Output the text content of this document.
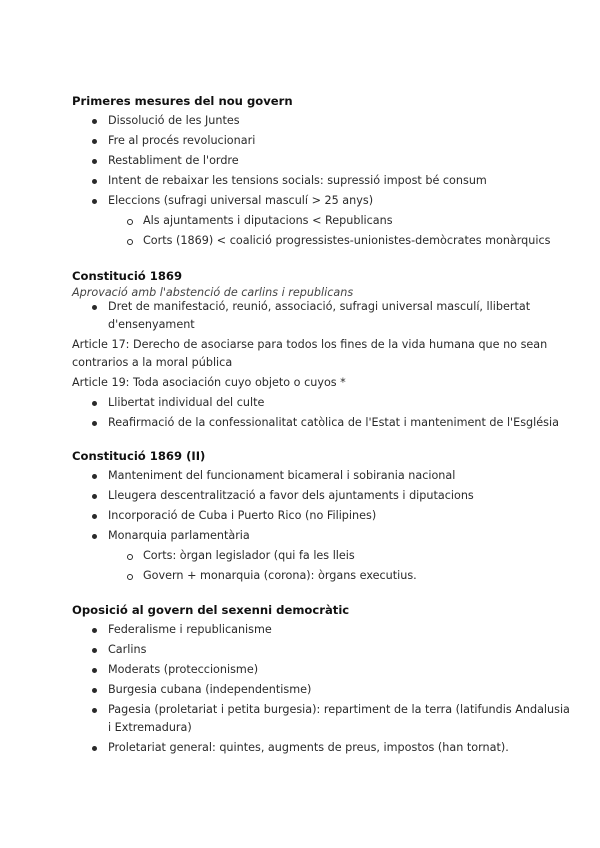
Primeres mesures del nou govern
Dissolució de les Juntes
Fre al procés revolucionari
Restabliment de l'ordre
Intent de rebaixar les tensions socials: supressió impost bé consum
Eleccions (sufragi universal masculí > 25 anys)
Als ajuntaments i diputacions < Republicans
Corts (1869) < coalició progressistes-unionistes-demòcrates monàrquics
Constitució 1869
Aprovació amb l'abstenció de carlins i republicans
Dret de manifestació, reunió, associació, sufragi universal masculí, llibertat
d'ensenyament
Article 17: Derecho de asociarse para todos los fines de la vida humana que no sean
contrarios a la moral pública
Article 19: Toda asociación cuyo objeto o cuyos *
Llibertat individual del culte
Reafirmació de la confessionalitat catòlica de l'Estat i manteniment de l'Església
Constitució 1869 (II)
Manteniment del funcionament bicameral i sobirania nacional
Lleugera descentralització a favor dels ajuntaments i diputacions
Incorporació de Cuba i Puerto Rico (no Filipines)
Monarquia parlamentària
Corts: òrgan legislador (qui fa les lleis
Govern + monarquia (corona): òrgans executius.
Oposició al govern del sexenni democràtic
Federalisme i republicanisme
Carlins
Moderats (proteccionisme)
Burgesia cubana (independentisme)
Pagesia (proletariat i petita burgesia): repartiment de la terra (latifundis Andalusia
i Extremadura)
Proletariat general: quintes, augments de preus, impostos (han tornat).
